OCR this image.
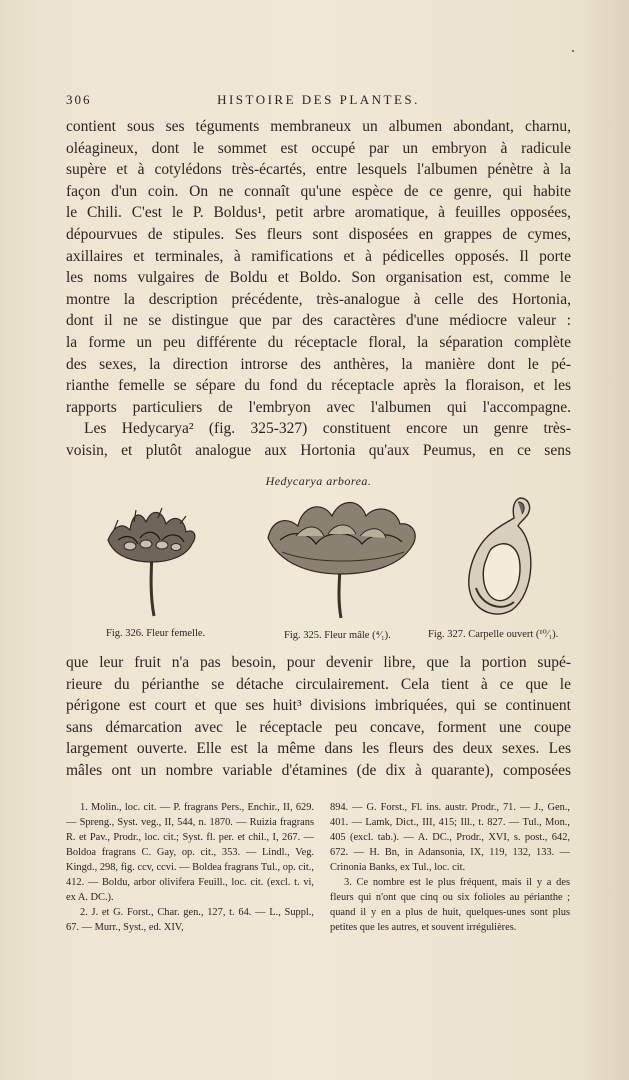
306	HISTOIRE DES PLANTES.
contient sous ses téguments membraneux un albumen abondant, charnu,
oléagineux, dont le sommet est occupé par un embryon à radicule
supère et à cotylédons très-écartés, entre lesquels l'albumen pénètre à la
façon d'un coin. On ne connaît qu'une espèce de ce genre, qui habite
le Chili. C'est le P. Boldus¹, petit arbre aromatique, à feuilles opposées,
dépourvues de stipules. Ses fleurs sont disposées en grappes de cymes,
axillaires et terminales, à ramifications et à pédicelles opposés. Il porte
les noms vulgaires de Boldu et Boldo. Son organisation est, comme le
montre la description précédente, très-analogue à celle des Hortonia,
dont il ne se distingue que par des caractères d'une médiocre valeur :
la forme un peu différente du réceptacle floral, la séparation complète
des sexes, la direction introrse des anthères, la manière dont le pé-
rianthe femelle se sépare du fond du réceptacle après la floraison, et les
rapports particuliers de l'embryon avec l'albumen qui l'accompagne.
Les Hedycarya² (fig. 325-327) constituent encore un genre très-
voisin, et plutôt analogue aux Hortonia qu'aux Peumus, en ce sens
Hedycarya arborea.
Fig. 326. Fleur femelle.	Fig. 325. Fleur mâle (⁴⁄₁).	Fig. 327. Carpelle ouvert (¹⁰⁄₁).
que leur fruit n'a pas besoin, pour devenir libre, que la portion supé-
rieure du périanthe se détache circulairement. Cela tient à ce que le
périgone est court et que ses huit³ divisions imbriquées, qui se continuent
sans démarcation avec le réceptacle peu concave, forment une coupe
largement ouverte. Elle est la même dans les fleurs des deux sexes. Les
mâles ont un nombre variable d'étamines (de dix à quarante), composées

1. Molin., loc. cit. — P. fragrans Pers., Enchir., II, 629. — Spreng., Syst. veg., II, 544, n. 1870. — Ruizia fragrans R. et Pav., Prodr., loc. cit.; Syst. fl. per. et chil., I, 267. — Boldoa fragrans C. Gay, op. cit., 353. — Lindl., Veg. Kingd., 298, fig. ccv, ccvi. — Boldea fragrans Tul., op. cit., 412. — Boldu, arbor olivifera Feuill., loc. cit. (excl. t. vi, ex A. DC.).

2. J. et G. Forst., Char. gen., 127, t. 64. — L., Suppl., 67. — Murr., Syst., ed. XIV,

894. — G. Forst., Fl. ins. austr. Prodr., 71. — J., Gen., 401. — Lamk, Dict., III, 415; Ill., t. 827. — Tul., Mon., 405 (excl. tab.). — A. DC., Prodr., XVI, s. post., 642, 672. — H. Bn, in Adansonia, IX, 119, 132, 133. — Crinonia Banks, ex Tul., loc. cit.

3. Ce nombre est le plus fréquent, mais il y a des fleurs qui n'ont que cinq ou six folioles au périanthe ; quand il y en a plus de huit, quelques-unes sont plus petites que les autres, et souvent irrégulières.
